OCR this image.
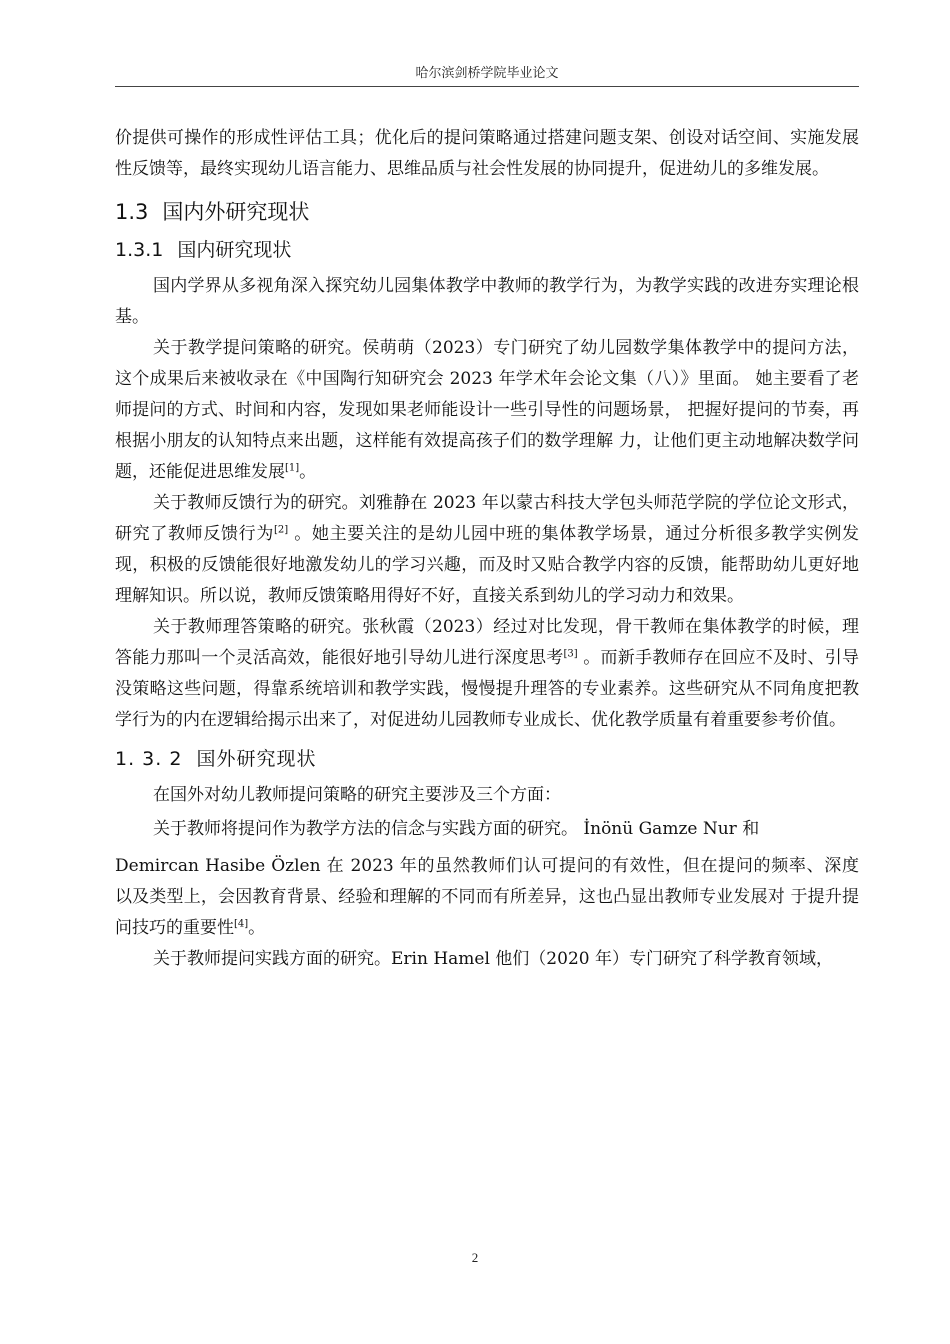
哈尔滨剑桥学院毕业论文

价提供可操作的形成性评估工具；优化后的提问策略通过搭建问题支架、创设对话空间、实施发展性反馈等，最终实现幼儿语言能力、思维品质与社会性发展的协同提升，促进幼儿的多维发展。

1.3 国内外研究现状
1.3.1 国内研究现状

国内学界从多视角深入探究幼儿园集体教学中教师的教学行为，为教学实践的改进夯实理论根基。

关于教学提问策略的研究。侯萌萌（2023）专门研究了幼儿园数学集体教学中的提问方法，这个成果后来被收录在《中国陶行知研究会 2023 年学术年会论文集（八）》里面。 她主要看了老师提问的方式、时间和内容，发现如果老师能设计一些引导性的问题场景， 把握好提问的节奏，再根据小朋友的认知特点来出题，这样能有效提高孩子们的数学理解 力，让他们更主动地解决数学问题，还能促进思维发展[1]。

关于教师反馈行为的研究。刘雅静在 2023 年以蒙古科技大学包头师范学院的学位论文形式，研究了教师反馈行为[2] 。她主要关注的是幼儿园中班的集体教学场景，通过分析很多教学实例发现，积极的反馈能很好地激发幼儿的学习兴趣，而及时又贴合教学内容的反馈，能帮助幼儿更好地理解知识。所以说，教师反馈策略用得好不好，直接关系到幼儿的学习动力和效果。

关于教师理答策略的研究。张秋霞（2023）经过对比发现，骨干教师在集体教学的时候，理答能力那叫一个灵活高效，能很好地引导幼儿进行深度思考[3] 。而新手教师存在回应不及时、引导没策略这些问题，得靠系统培训和教学实践，慢慢提升理答的专业素养。这些研究从不同角度把教学行为的内在逻辑给揭示出来了，对促进幼儿园教师专业成长、优化教学质量有着重要参考价值。

1. 3. 2 国外研究现状

在国外对幼儿教师提问策略的研究主要涉及三个方面：

关于教师将提问作为教学方法的信念与实践方面的研究。 İnönü Gamze Nur 和

Demircan Hasibe Özlen 在 2023 年的虽然教师们认可提问的有效性，但在提问的频率、深度 以及类型上，会因教育背景、经验和理解的不同而有所差异，这也凸显出教师专业发展对 于提升提问技巧的重要性[4]。

关于教师提问实践方面的研究。Erin Hamel 他们（2020 年）专门研究了科学教育领域，

2
